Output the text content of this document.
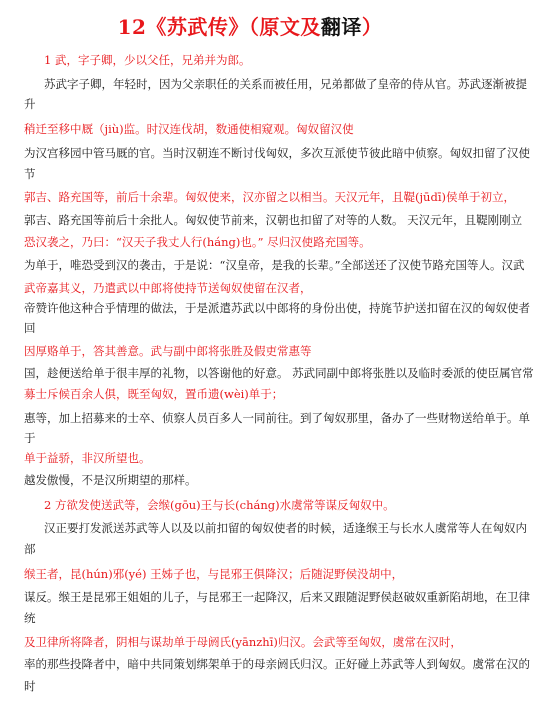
12《苏武传》（原文及翻译）
1 武，字子卿，少以父任，兄弟并为郎。
苏武字子卿，年轻时，因为父亲职任的关系而被任用，兄弟都做了皇帝的侍从官。苏武逐渐被提
升
稍迁至移中厩（jiù)监。时汉连伐胡，数通使相窥观。匈奴留汉使
为汉宫移园中管马厩的官。当时汉朝连不断讨伐匈奴，多次互派使节彼此暗中侦察。匈奴扣留了汉使
节
郭吉、路充国等，前后十余辈。匈奴使来，汉亦留之以相当。天汉元年，且鞮(jūdī)侯单于初立，
郭吉、路充国等前后十余批人。匈奴使节前来，汉朝也扣留了对等的人数。 天汉元年，且鞮刚刚立
恐汉袭之，乃曰：“汉天子我丈人行(háng)也。” 尽归汉使路充国等。
为单于，唯恐受到汉的袭击，于是说：“汉皇帝，是我的长辈。”全部送还了汉使节路充国等人。汉武
武帝嘉其义，乃遣武以中郎将使持节送匈奴使留在汉者，
帝赞许他这种合乎情理的做法，于是派遣苏武以中郎将的身份出使，持旄节护送扣留在汉的匈奴使者
回
因厚赂单于，答其善意。武与副中郎将张胜及假吏常惠等
国，趁便送给单于很丰厚的礼物，以答谢他的好意。 苏武同副中郎将张胜以及临时委派的使臣属官常
募士斥候百余人俱，既至匈奴，置币遗(wèi)单于；
惠等，加上招募来的士卒、侦察人员百多人一同前往。到了匈奴那里，备办了一些财物送给单于。单
于
单于益骄，非汉所望也。
越发傲慢，不是汉所期望的那样。
2 方欲发使送武等，会缑(gōu)王与长(cháng)水虞常等谋反匈奴中。
汉正要打发派送苏武等人以及以前扣留的匈奴使者的时候，适逢缑王与长水人虞常等人在匈奴内
部
缑王者，昆(hún)邪(yé) 王姊子也，与昆邪王俱降汉；后随浞野侯没胡中，
谋反。缑王是昆邪王姐姐的儿子，与昆邪王一起降汉，后来又跟随浞野侯赵破奴重新陷胡地，在卫律
统
及卫律所将降者，阴相与谋劫单于母阏氏(yānzhī)归汉。会武等至匈奴，虞常在汉时，
率的那些投降者中，暗中共同策划绑架单于的母亲阏氏归汉。正好碰上苏武等人到匈奴。虞常在汉的
时
